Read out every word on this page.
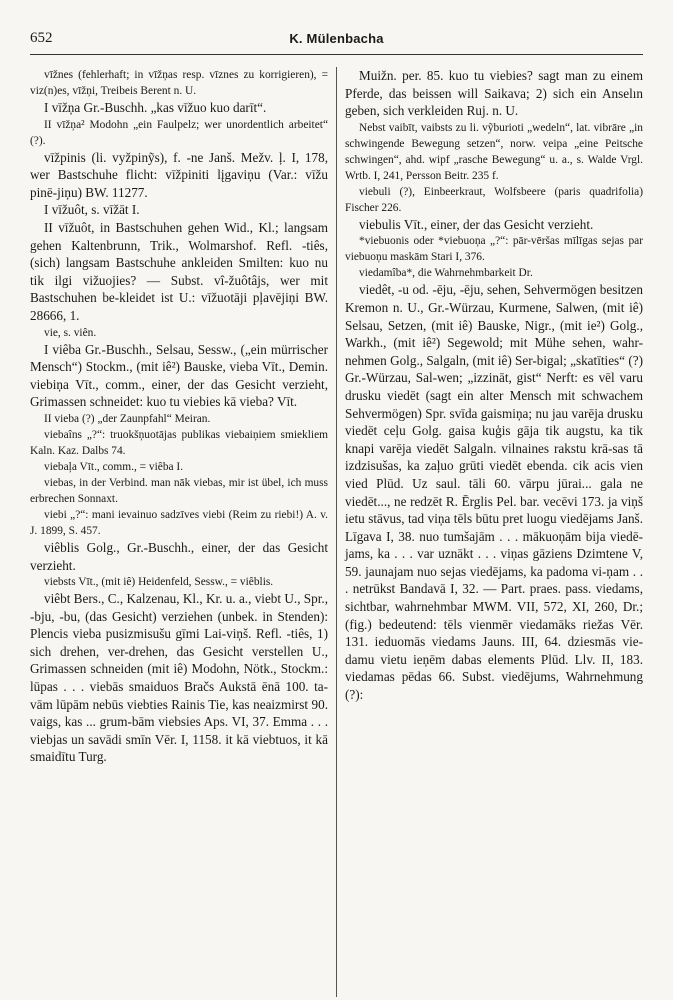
652	K. Mülenbacha

vīžnes (fehlerhaft; in vīžņas resp. vīznes zu korrigieren), = viz(n)es, vīžņi, Treibeis Berent n. U.

I vīžņa Gr.-Buschh. „kas vīžuo kuo darīt“.

II vīžņa² Modohn „ein Faulpelz; wer unordentlich arbeitet“ (?).

vīžpinis (li. vyžpinỹs), f. -ne Janš. Mežv. ļ. I, 178, wer Bastschuhe flicht: vīžpiniti lįgaviņu (Var.: vīžu pinē-jiņu) BW. 11277.

I vīžuôt, s. vīžāt I.

II vīžuôt, in Bastschuhen gehen Wid., Kl.; langsam gehen Kaltenbrunn, Trik., Wolmarshof. Refl. -tiês, (sich) langsam Bastschuhe ankleiden Smilten: kuo nu tik ilgi vižuojies? — Subst. vî-žuôtâjs, wer mit Bastschuhen be-kleidet ist U.: vīžuotāji pļavējiņi BW. 28666, 1.

vie, s. viên.

I viêba Gr.-Buschh., Selsau, Sessw., („ein mürrischer Mensch“) Stockm., (mit iê²) Bauske, vieba Vīt., Demin. viebiņa Vīt., comm., einer, der das Gesicht verzieht, Grimassen schneidet: kuo tu viebies kā vieba? Vīt.

II vieba (?) „der Zaunpfahl“ Meiran.

viebaîns „?“: truokšņuotājas publikas viebaiņiem smiekliem Kaln. Kaz. Dalbs 74.

viebaļa Vīt., comm., = viêba I.

viebas, in der Verbind. man nāk viebas, mir ist übel, ich muss erbrechen Sonnaxt.

viebi „?“: mani ievainuo sadzīves viebi (Reim zu riebi!) A. v. J. 1899, S. 457.

viêblis Golg., Gr.-Buschh., einer, der das Gesicht verzieht.

viebsts Vīt., (mit iê) Heidenfeld, Sessw., = viêblis.

viêbt Bers., C., Kalzenau, Kl., Kr. u. a., viebt U., Spr., -bju, -bu, (das Gesicht) verziehen (unbek. in Stenden): Plencis vieba pusizmisušu gīmi Lai-viņš. Refl. -tiês, 1) sich drehen, ver-drehen, das Gesicht verstellen U., Grimassen schneiden (mit iê) Modohn, Nötk., Stockm.: lūpas . . . viebās smaiduos Bračs Aukstā ēnā 100. ta-vām lūpām nebūs viebties Rainis Tie, kas neaizmirst 90. vaigs, kas ... grum-bām viebsies Aps. VI, 37. Emma . . . viebjas un savādi smīn Vēr. I, 1158. it kā viebtuos, it kā smaidītu Turg.

Muižn. per. 85. kuo tu viebies? sagt man zu einem Pferde, das beissen will Saikava; 2) sich ein Anselın geben, sich verkleiden Ruj. n. U.

Nebst vaibīt, vaibsts zu li. vỹburioti „wedeln“, lat. vibrāre „in schwingende Bewegung setzen“, norw. veipa „eine Peitsche schwingen“, ahd. wipf „rasche Bewegung“ u. a., s. Walde Vrgl. Wrtb. I, 241, Persson Beitr. 235 f.

viebuli (?), Einbeerkraut, Wolfsbeere (paris quadrifolia) Fischer 226.

viebulis Vīt., einer, der das Gesicht verzieht.

*viebuonis oder *viebuoņa „?“: pār-vēršas mīlīgas sejas par viebuoņu maskām Stari I, 376.

viedamîba*, die Wahrnehmbarkeit Dr.

viedêt, -u od. -ēju, -ēju, sehen, Sehvermögen besitzen Kremon n. U., Gr.-Würzau, Kurmene, Salwen, (mit iê) Selsau, Setzen, (mit iê) Bauske, Nigr., (mit ie²) Golg., Warkh., (mit iê²) Segewold; mit Mühe sehen, wahr-nehmen Golg., Salgaln, (mit iê) Ser-bigal; „skatīties“ (?) Gr.-Würzau, Sal-wen; „izzināt, gist“ Nerft: es vēl varu drusku viedēt (sagt ein alter Mensch mit schwachem Sehvermögen) Spr. svīda gaismiņa; nu jau varēja drusku viedēt ceļu Golg. gaisa kuģis gāja tik augstu, ka tik knapi varēja viedēt Salgaln. vilnaines rakstu krā-sas tā izdzisušas, ka zaļuo grūti viedēt ebenda. cik acis vien vied Plūd. Uz saul. tāli 60. vārpu jūrai... gala ne viedēt..., ne redzēt R. Ērglis Pel. bar. vecēvi 173. ja viņš ietu stāvus, tad viņa tēls būtu pret luogu viedējams Janš. Līgava I, 38. nuo tumšajām . . . mākuoņām bija viedē-jams, ka . . . var uznākt . . . viņas gāziens Dzimtene V, 59. jaunajam nuo sejas viedējams, ka padoma vi-ņam . . . netrūkst Bandavā I, 32. — Part. praes. pass. viedams, sichtbar, wahrnehmbar MWM. VII, 572, XI, 260, Dr.; (fig.) bedeutend: tēls vienmēr viedamāks riežas Vēr. 131. ieduomās viedams Jauns. III, 64. dziesmās vie-damu vietu ieņēm dabas elements Plūd. Llv. II, 183. viedamas pēdas 66. Subst. viedējums, Wahrnehmung (?):
